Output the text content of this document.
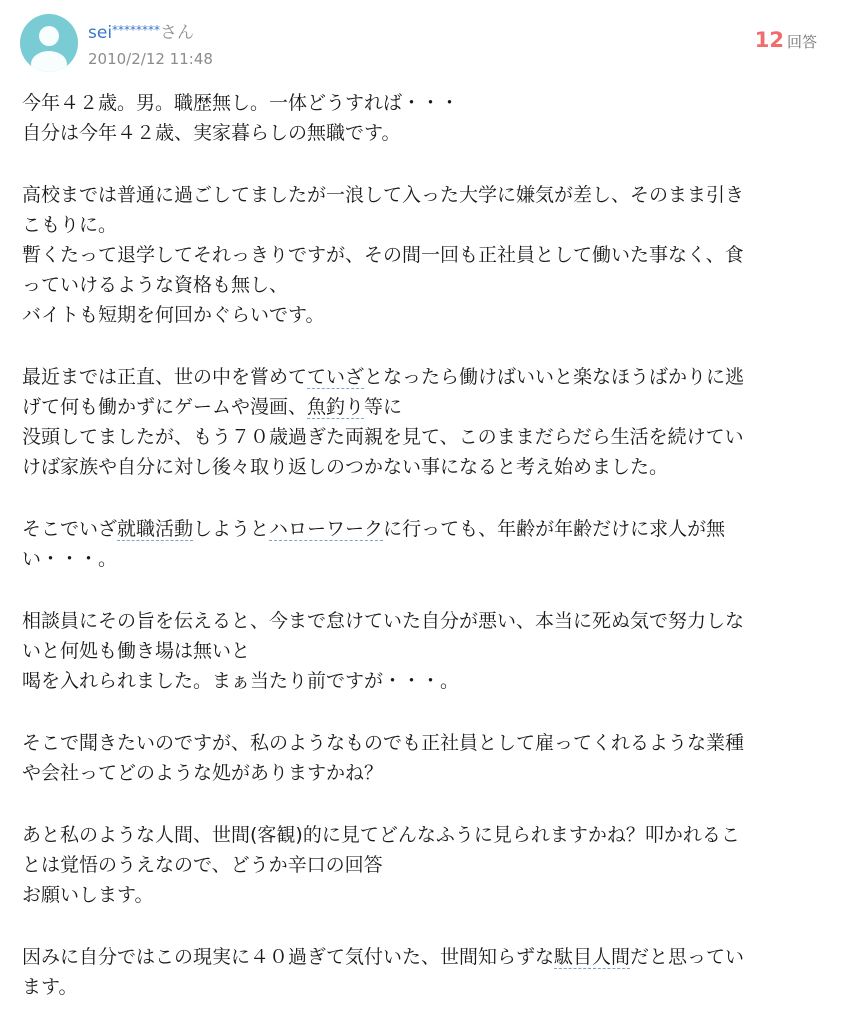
sei********さん
2010/2/12 11:48
12 回答
今年４２歳。男。職歴無し。一体どうすれば・・・
自分は今年４２歳、実家暮らしの無職です。
高校までは普通に過ごしてましたが一浪して入った大学に嫌気が差し、そのまま引き
こもりに。
暫くたって退学してそれっきりですが、その間一回も正社員として働いた事なく、食
っていけるような資格も無し、
バイトも短期を何回かぐらいです。
最近までは正直、世の中を嘗めてていざとなったら働けばいいと楽なほうばかりに逃
げて何も働かずにゲームや漫画、魚釣り等に
没頭してましたが、もう７０歳過ぎた両親を見て、このままだらだら生活を続けてい
けば家族や自分に対し後々取り返しのつかない事になると考え始めました。
そこでいざ就職活動しようとハローワークに行っても、年齢が年齢だけに求人が無
い・・・。
相談員にその旨を伝えると、今まで怠けていた自分が悪い、本当に死ぬ気で努力しな
いと何処も働き場は無いと
喝を入れられました。まぁ当たり前ですが・・・。
そこで聞きたいのですが、私のようなものでも正社員として雇ってくれるような業種
や会社ってどのような処がありますかね？
あと私のような人間、世間(客観)的に見てどんなふうに見られますかね？叩かれるこ
とは覚悟のうえなので、どうか辛口の回答
お願いします。
因みに自分ではこの現実に４０過ぎて気付いた、世間知らずな駄目人間だと思ってい
ます。
